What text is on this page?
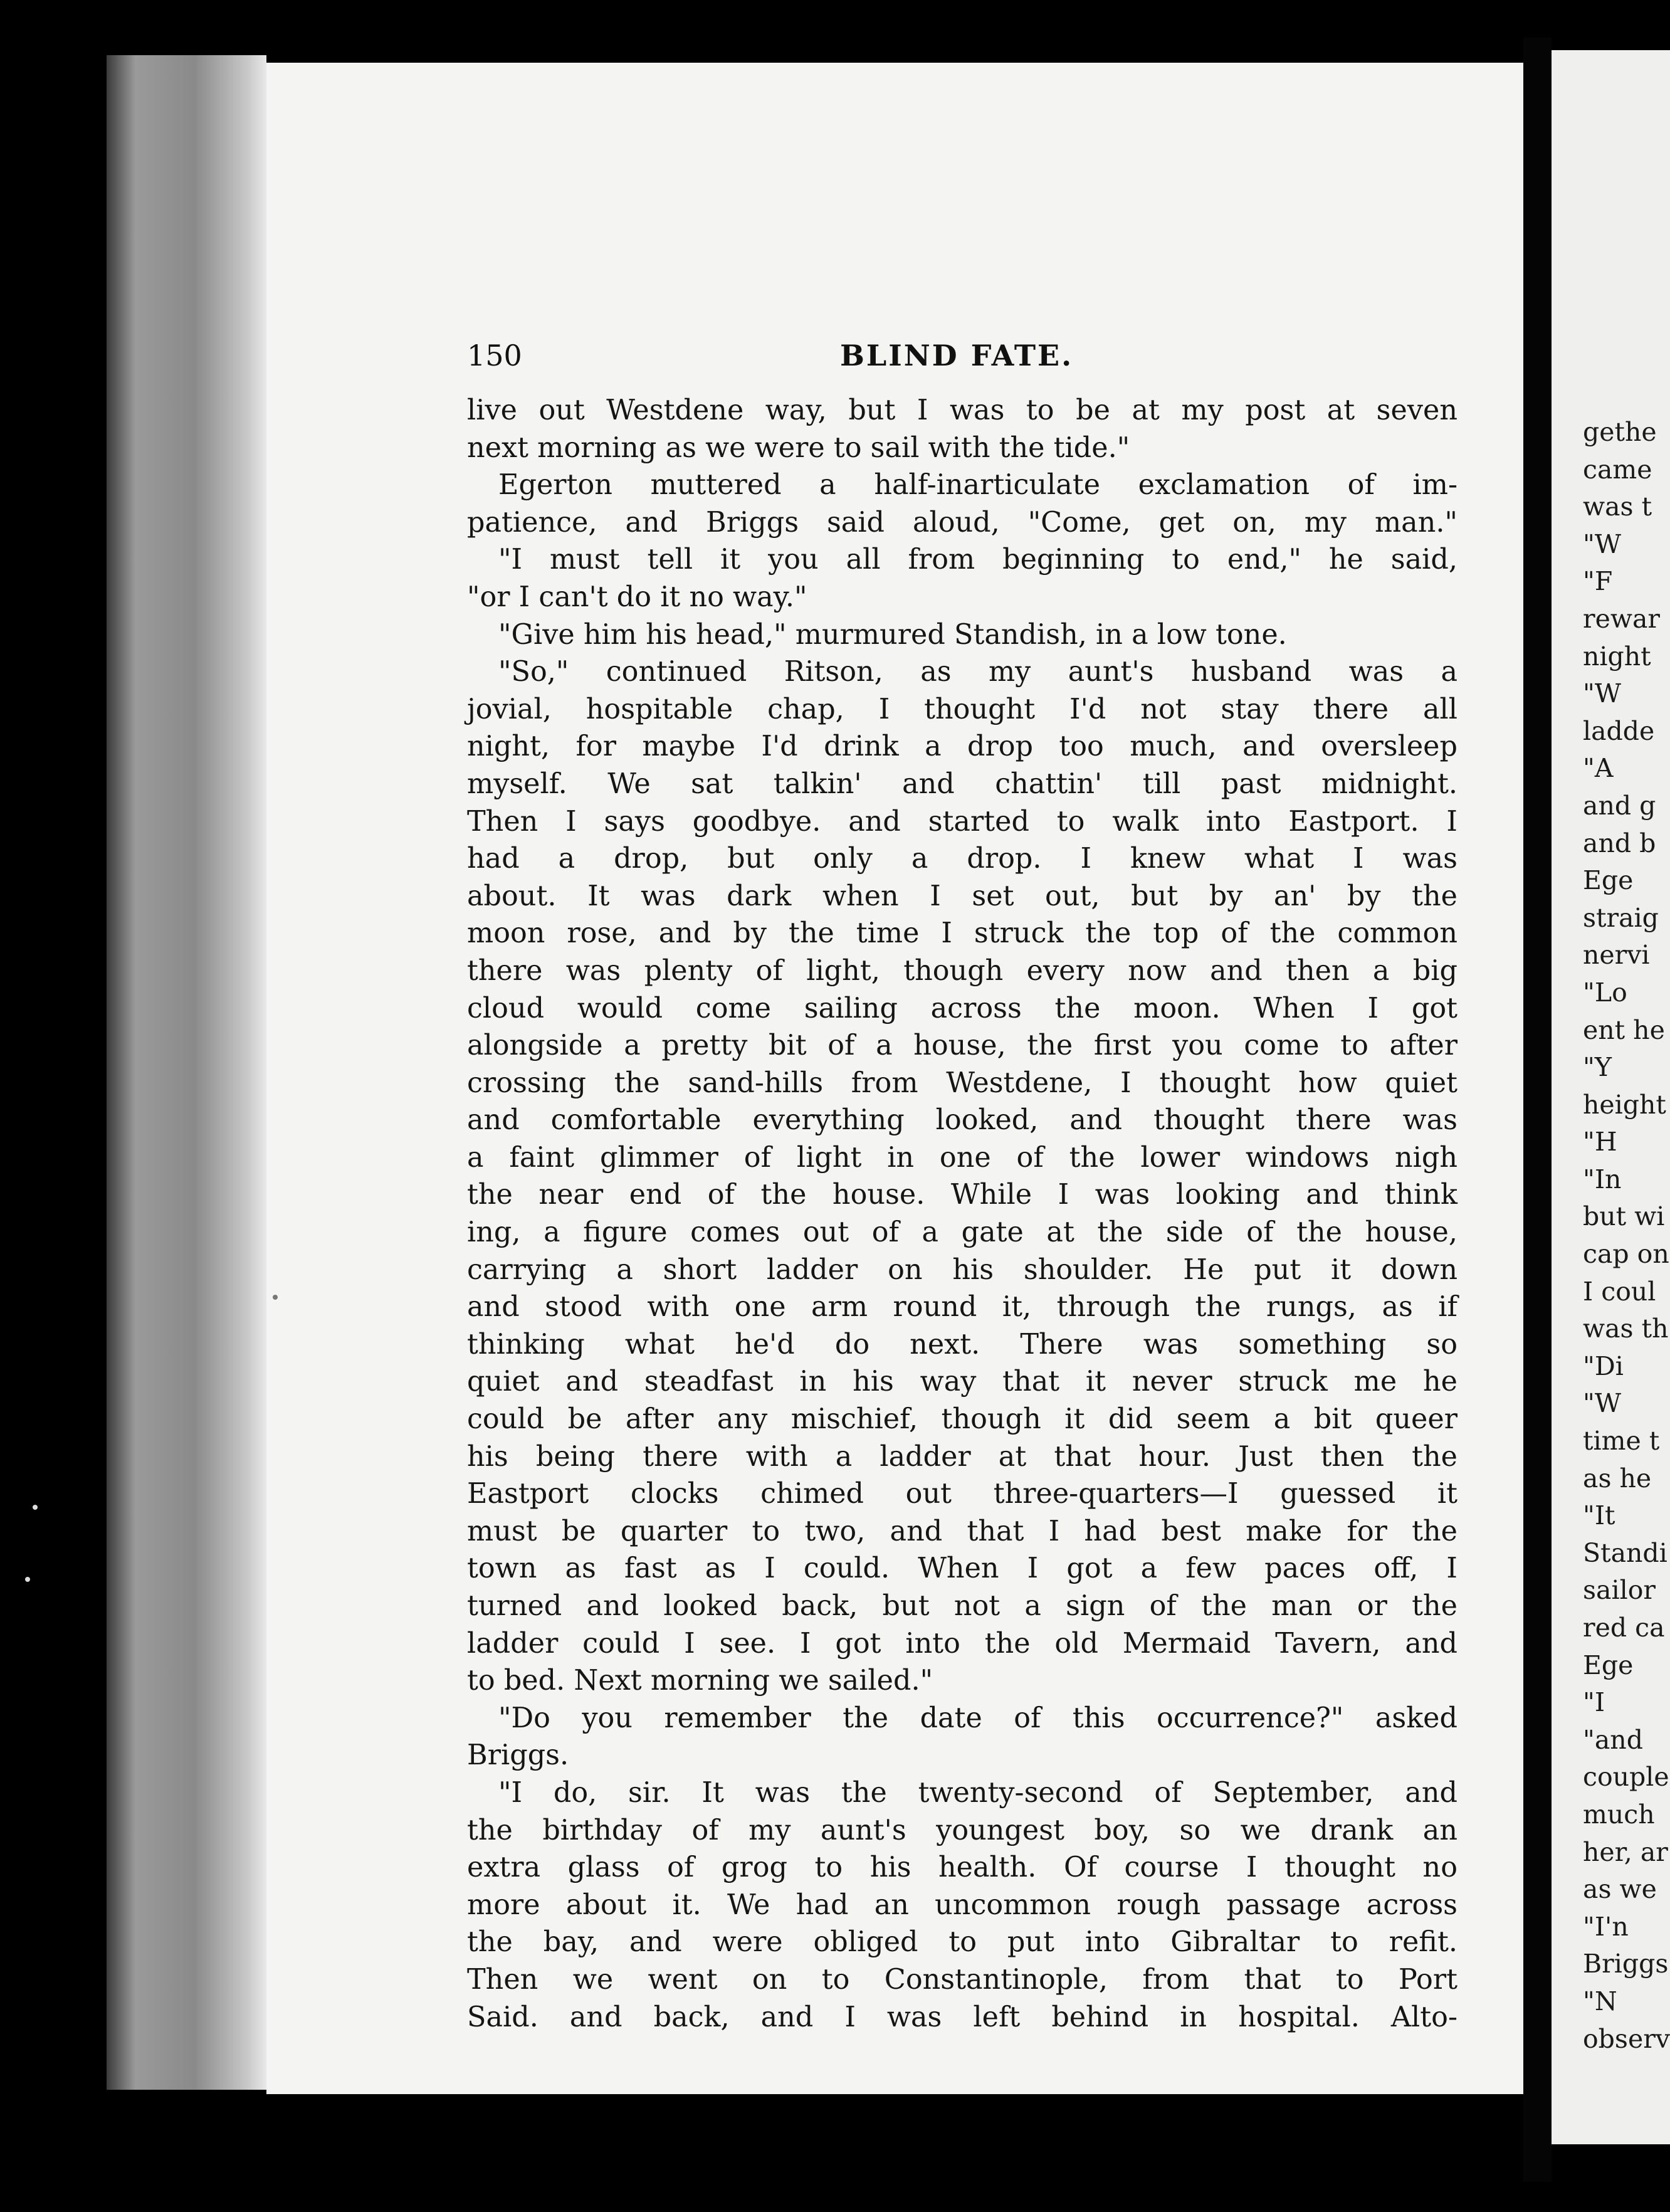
150	BLIND FATE.
live out Westdene way, but I was to be at my post at seven
next morning as we were to sail with the tide."
Egerton muttered a half-inarticulate exclamation of im-
patience, and Briggs said aloud, "Come, get on, my man."
"I must tell it you all from beginning to end," he said,
"or I can't do it no way."
"Give him his head," murmured Standish, in a low tone.
"So," continued Ritson, as my aunt's husband was a
jovial, hospitable chap, I thought I'd not stay there all
night, for maybe I'd drink a drop too much, and oversleep
myself. We sat talkin' and chattin' till past midnight.
Then I says goodbye. and started to walk into Eastport. I
had a drop, but only a drop. I knew what I was
about. It was dark when I set out, but by an' by the
moon rose, and by the time I struck the top of the common
there was plenty of light, though every now and then a big
cloud would come sailing across the moon. When I got
alongside a pretty bit of a house, the first you come to after
crossing the sand-hills from Westdene, I thought how quiet
and comfortable everything looked, and thought there was
a faint glimmer of light in one of the lower windows nigh
the near end of the house. While I was looking and think
ing, a figure comes out of a gate at the side of the house,
carrying a short ladder on his shoulder. He put it down
and stood with one arm round it, through the rungs, as if
thinking what he'd do next. There was something so
quiet and steadfast in his way that it never struck me he
could be after any mischief, though it did seem a bit queer
his being there with a ladder at that hour. Just then the
Eastport clocks chimed out three-quarters—I guessed it
must be quarter to two, and that I had best make for the
town as fast as I could. When I got a few paces off, I
turned and looked back, but not a sign of the man or the
ladder could I see. I got into the old Mermaid Tavern, and
to bed. Next morning we sailed."
"Do you remember the date of this occurrence?" asked
Briggs.
"I do, sir. It was the twenty-second of September, and
the birthday of my aunt's youngest boy, so we drank an
extra glass of grog to his health. Of course I thought no
more about it. We had an uncommon rough passage across
the bay, and were obliged to put into Gibraltar to refit.
Then we went on to Constantinople, from that to Port
Said. and back, and I was left behind in hospital. Alto-
gethe
came
was t
"W
"F
rewar
night
"W
ladde
"A
and g
and b
Ege
straig
nervi
"Lo
ent he
"Y
height
"H
"In
but wi
cap on
I coul
was th
"Di
"W
time t
as he
"It
Standi
sailor
red ca
Ege
"I
"and
couple
much
her, ar
as we
"I'n
Briggs
"N
observ
